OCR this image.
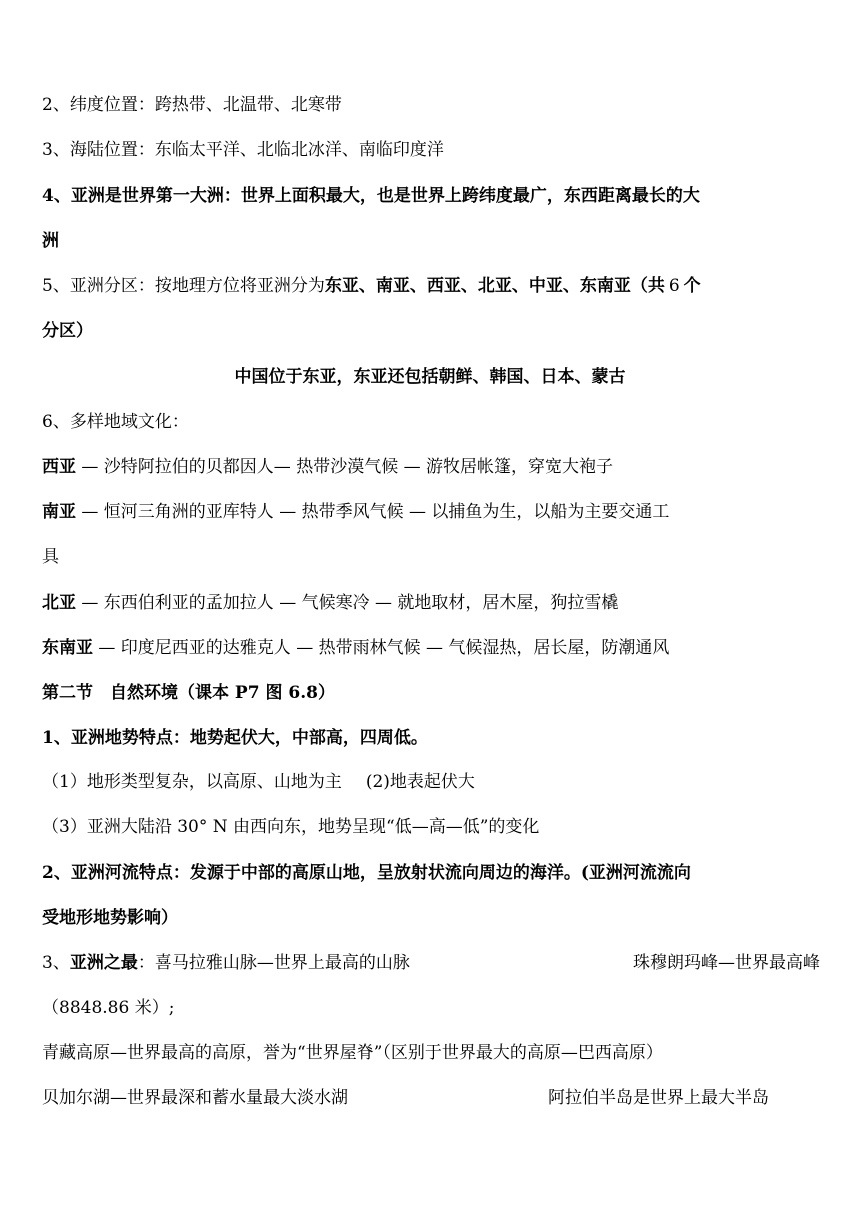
2、纬度位置：跨热带、北温带、北寒带
3、海陆位置：东临太平洋、北临北冰洋、南临印度洋
4、亚洲是世界第一大洲：世界上面积最大，也是世界上跨纬度最广，东西距离最长的大
洲
5、亚洲分区：按地理方位将亚洲分为东亚、南亚、西亚、北亚、中亚、东南亚（共 6 个
分区）
中国位于东亚，东亚还包括朝鲜、韩国、日本、蒙古
6、多样地域文化：
西亚 — 沙特阿拉伯的贝都因人— 热带沙漠气候 — 游牧居帐篷，穿宽大袍子
南亚 — 恒河三角洲的亚库特人 — 热带季风气候 — 以捕鱼为生，以船为主要交通工
具
北亚 — 东西伯利亚的孟加拉人 — 气候寒冷 — 就地取材，居木屋，狗拉雪橇
东南亚 — 印度尼西亚的达雅克人 — 热带雨林气候 — 气候湿热，居长屋，防潮通风
第二节　自然环境（课本 P7 图 6.8）
1、亚洲地势特点：地势起伏大，中部高，四周低。
（1）地形类型复杂，以高原、山地为主 (2)地表起伏大
（3）亚洲大陆沿 30° N 由西向东，地势呈现“低—高—低”的变化
2、亚洲河流特点：发源于中部的高原山地，呈放射状流向周边的海洋。(亚洲河流流向
受地形地势影响）
3、亚洲之最：喜马拉雅山脉—世界上最高的山脉	珠穆朗玛峰—世界最高峰
（8848.86 米）;
青藏高原—世界最高的高原，誉为“世界屋脊”（区别于世界最大的高原—巴西高原）
贝加尔湖—世界最深和蓄水量最大淡水湖	阿拉伯半岛是世界上最大半岛
